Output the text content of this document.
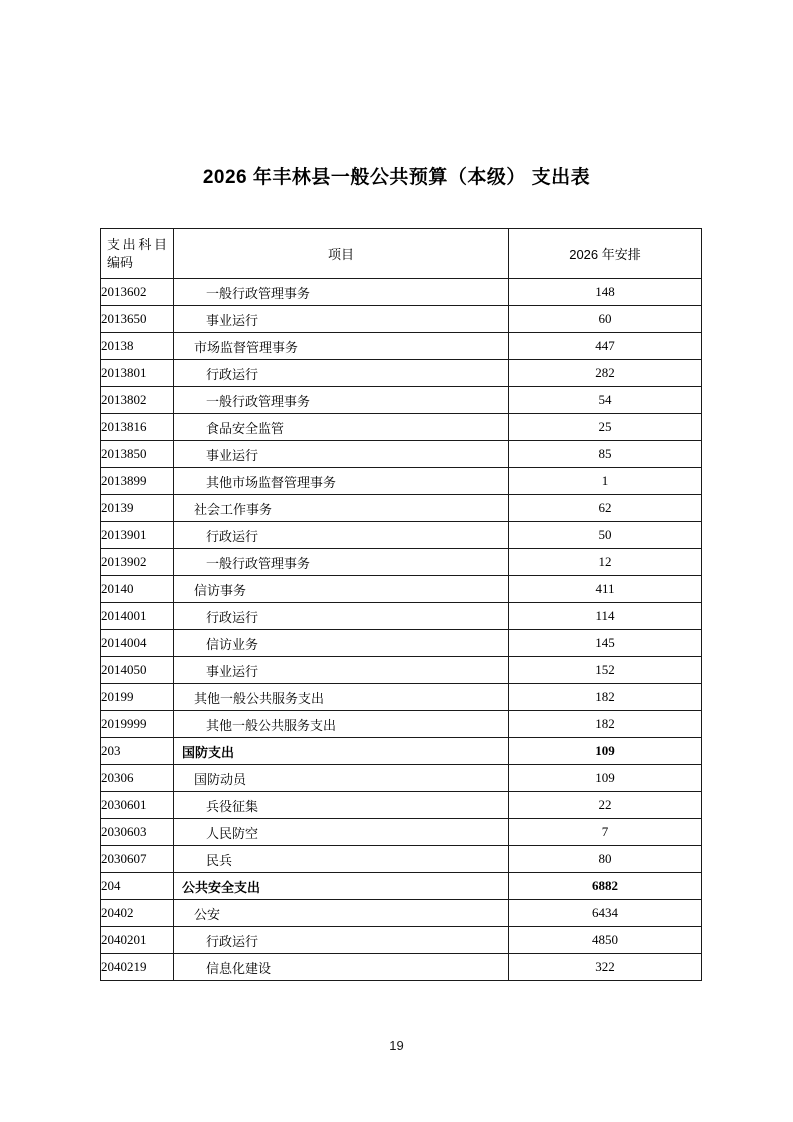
2026 年丰林县一般公共预算（本级） 支出表
支出科目
编码	项目	2026 年安排
2013602	一般行政管理事务	148
2013650	事业运行	60
20138	市场监督管理事务	447
2013801	行政运行	282
2013802	一般行政管理事务	54
2013816	食品安全监管	25
2013850	事业运行	85
2013899	其他市场监督管理事务	1
20139	社会工作事务	62
2013901	行政运行	50
2013902	一般行政管理事务	12
20140	信访事务	411
2014001	行政运行	114
2014004	信访业务	145
2014050	事业运行	152
20199	其他一般公共服务支出	182
2019999	其他一般公共服务支出	182
203	国防支出	109
20306	国防动员	109
2030601	兵役征集	22
2030603	人民防空	7
2030607	民兵	80
204	公共安全支出	6882
20402	公安	6434
2040201	行政运行	4850
2040219	信息化建设	322
19
